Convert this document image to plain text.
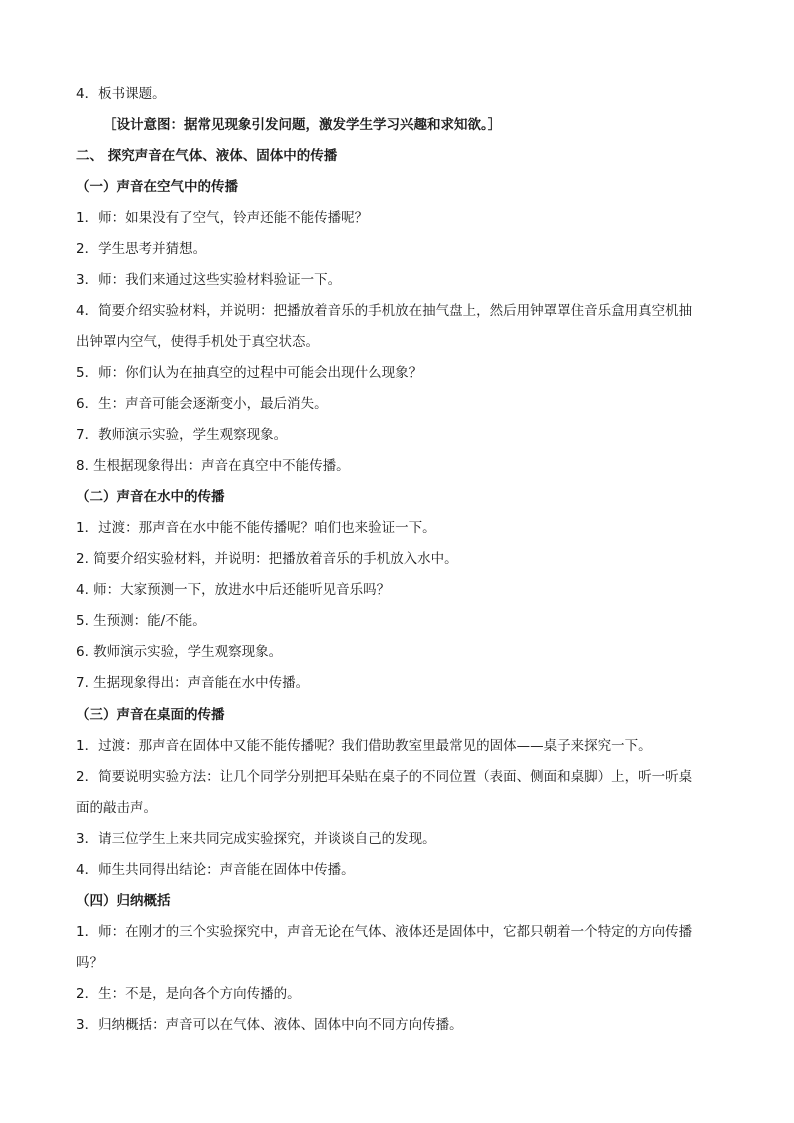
4．板书课题。
［设计意图：据常见现象引发问题，激发学生学习兴趣和求知欲。］
二、 探究声音在气体、液体、固体中的传播
（一）声音在空气中的传播
1．师：如果没有了空气，铃声还能不能传播呢？
2．学生思考并猜想。
3．师：我们来通过这些实验材料验证一下。
4．简要介绍实验材料，并说明：把播放着音乐的手机放在抽气盘上，然后用钟罩罩住音乐盒用真空机抽
出钟罩内空气，使得手机处于真空状态。
5．师：你们认为在抽真空的过程中可能会出现什么现象？
6．生：声音可能会逐渐变小，最后消失。
7．教师演示实验，学生观察现象。
8. 生根据现象得出：声音在真空中不能传播。
（二）声音在水中的传播
1．过渡：那声音在水中能不能传播呢？咱们也来验证一下。
2. 简要介绍实验材料，并说明：把播放着音乐的手机放入水中。
4. 师：大家预测一下，放进水中后还能听见音乐吗？
5. 生预测：能/不能。
6. 教师演示实验，学生观察现象。
7. 生据现象得出：声音能在水中传播。
（三）声音在桌面的传播
1．过渡：那声音在固体中又能不能传播呢？我们借助教室里最常见的固体——桌子来探究一下。
2．简要说明实验方法：让几个同学分别把耳朵贴在桌子的不同位置（表面、侧面和桌脚）上，听一听桌
面的敲击声。
3．请三位学生上来共同完成实验探究，并谈谈自己的发现。
4．师生共同得出结论：声音能在固体中传播。
（四）归纳概括
1．师：在刚才的三个实验探究中，声音无论在气体、液体还是固体中，它都只朝着一个特定的方向传播
吗？
2．生：不是，是向各个方向传播的。
3．归纳概括：声音可以在气体、液体、固体中向不同方向传播。
